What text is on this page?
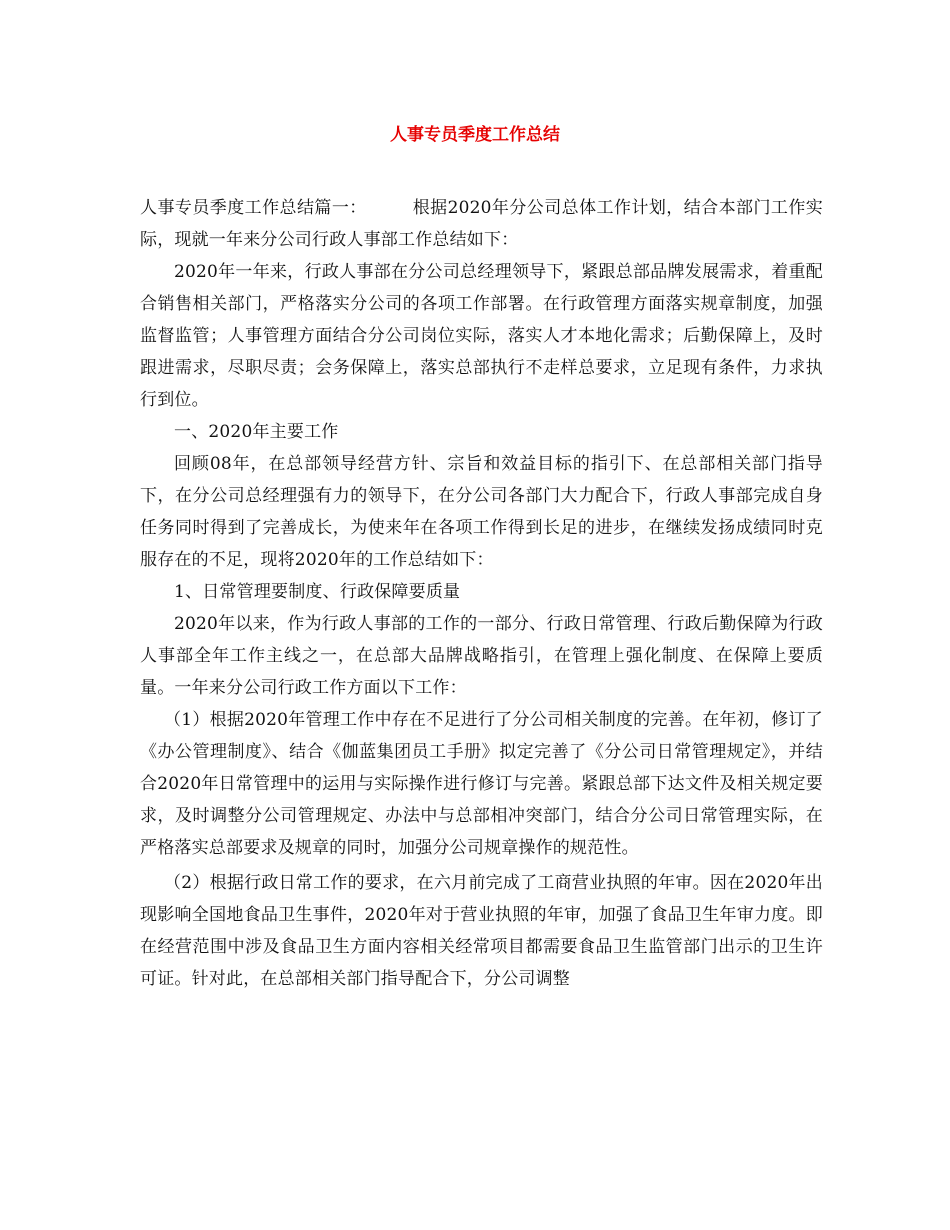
人事专员季度工作总结

人事专员季度工作总结篇一：	根据2020年分公司总体工作计划，结合本部门工作实际，现就一年来分公司行政人事部工作总结如下：

2020年一年来，行政人事部在分公司总经理领导下，紧跟总部品牌发展需求，着重配合销售相关部门，严格落实分公司的各项工作部署。在行政管理方面落实规章制度，加强监督监管；人事管理方面结合分公司岗位实际，落实人才本地化需求；后勤保障上，及时跟进需求，尽职尽责；会务保障上，落实总部执行不走样总要求，立足现有条件，力求执行到位。

一、2020年主要工作

回顾08年，在总部领导经营方针、宗旨和效益目标的指引下、在总部相关部门指导下，在分公司总经理强有力的领导下，在分公司各部门大力配合下，行政人事部完成自身任务同时得到了完善成长，为使来年在各项工作得到长足的进步，在继续发扬成绩同时克服存在的不足，现将2020年的工作总结如下：

1、日常管理要制度、行政保障要质量

2020年以来，作为行政人事部的工作的一部分、行政日常管理、行政后勤保障为行政人事部全年工作主线之一，在总部大品牌战略指引，在管理上强化制度、在保障上要质量。一年来分公司行政工作方面以下工作：

（1）根据2020年管理工作中存在不足进行了分公司相关制度的完善。在年初，修订了《办公管理制度》、结合《伽蓝集团员工手册》拟定完善了《分公司日常管理规定》，并结合2020年日常管理中的运用与实际操作进行修订与完善。紧跟总部下达文件及相关规定要求，及时调整分公司管理规定、办法中与总部相冲突部门，结合分公司日常管理实际，在严格落实总部要求及规章的同时，加强分公司规章操作的规范性。

（2）根据行政日常工作的要求，在六月前完成了工商营业执照的年审。因在2020年出现影响全国地食品卫生事件，2020年对于营业执照的年审，加强了食品卫生年审力度。即在经营范围中涉及食品卫生方面内容相关经常项目都需要食品卫生监管部门出示的卫生许可证。针对此，在总部相关部门指导配合下，分公司调整
